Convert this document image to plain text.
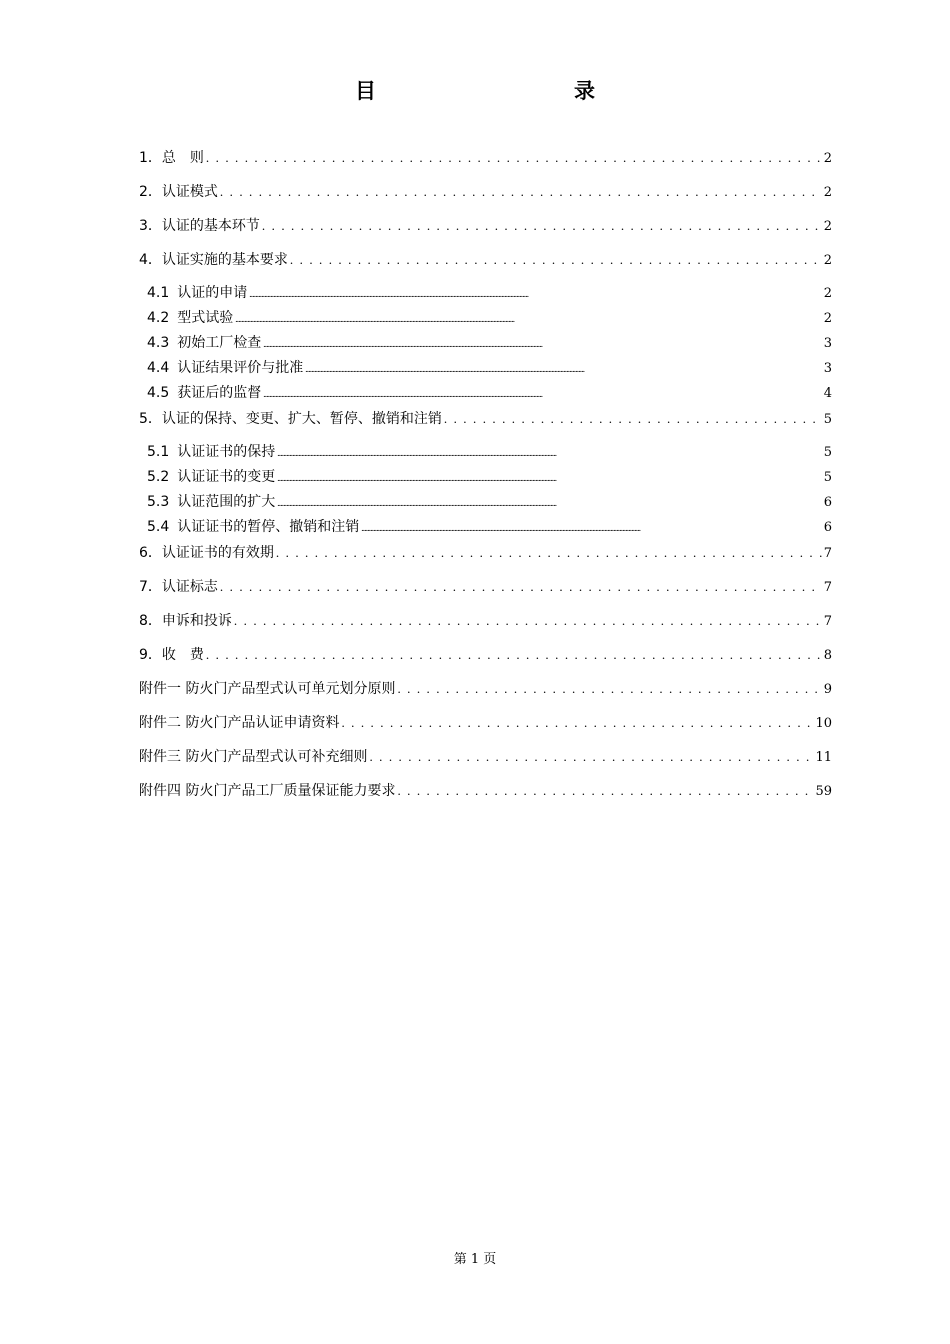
目　　录
1．总　则 . . .	2
2．认证模式 . . .	2
3．认证的基本环节 . . .	2
4．认证实施的基本要求 . . .	2
4.1 认证的申请 . . .	2
4.2 型式试验 . . .	2
4.3 初始工厂检查 . . .	3
4.4 认证结果评价与批准 . . .	3
4.5 获证后的监督 . . .	4
5．认证的保持、变更、扩大、暂停、撤销和注销 . . .	5
5.1 认证证书的保持 . . .	5
5.2 认证证书的变更 . . .	5
5.3 认证范围的扩大 . . .	6
5.4 认证证书的暂停、撤销和注销 . . .	6
6．认证证书的有效期 . . .	7
7．认证标志 . . .	7
8．申诉和投诉 . . .	7
9．收　费 . . .	8
附件一 防火门产品型式认可单元划分原则 . . .	9
附件二 防火门产品认证申请资料 . . .	10
附件三 防火门产品型式认可补充细则 . . .	11
附件四 防火门产品工厂质量保证能力要求 . . .	59
第 1 页
